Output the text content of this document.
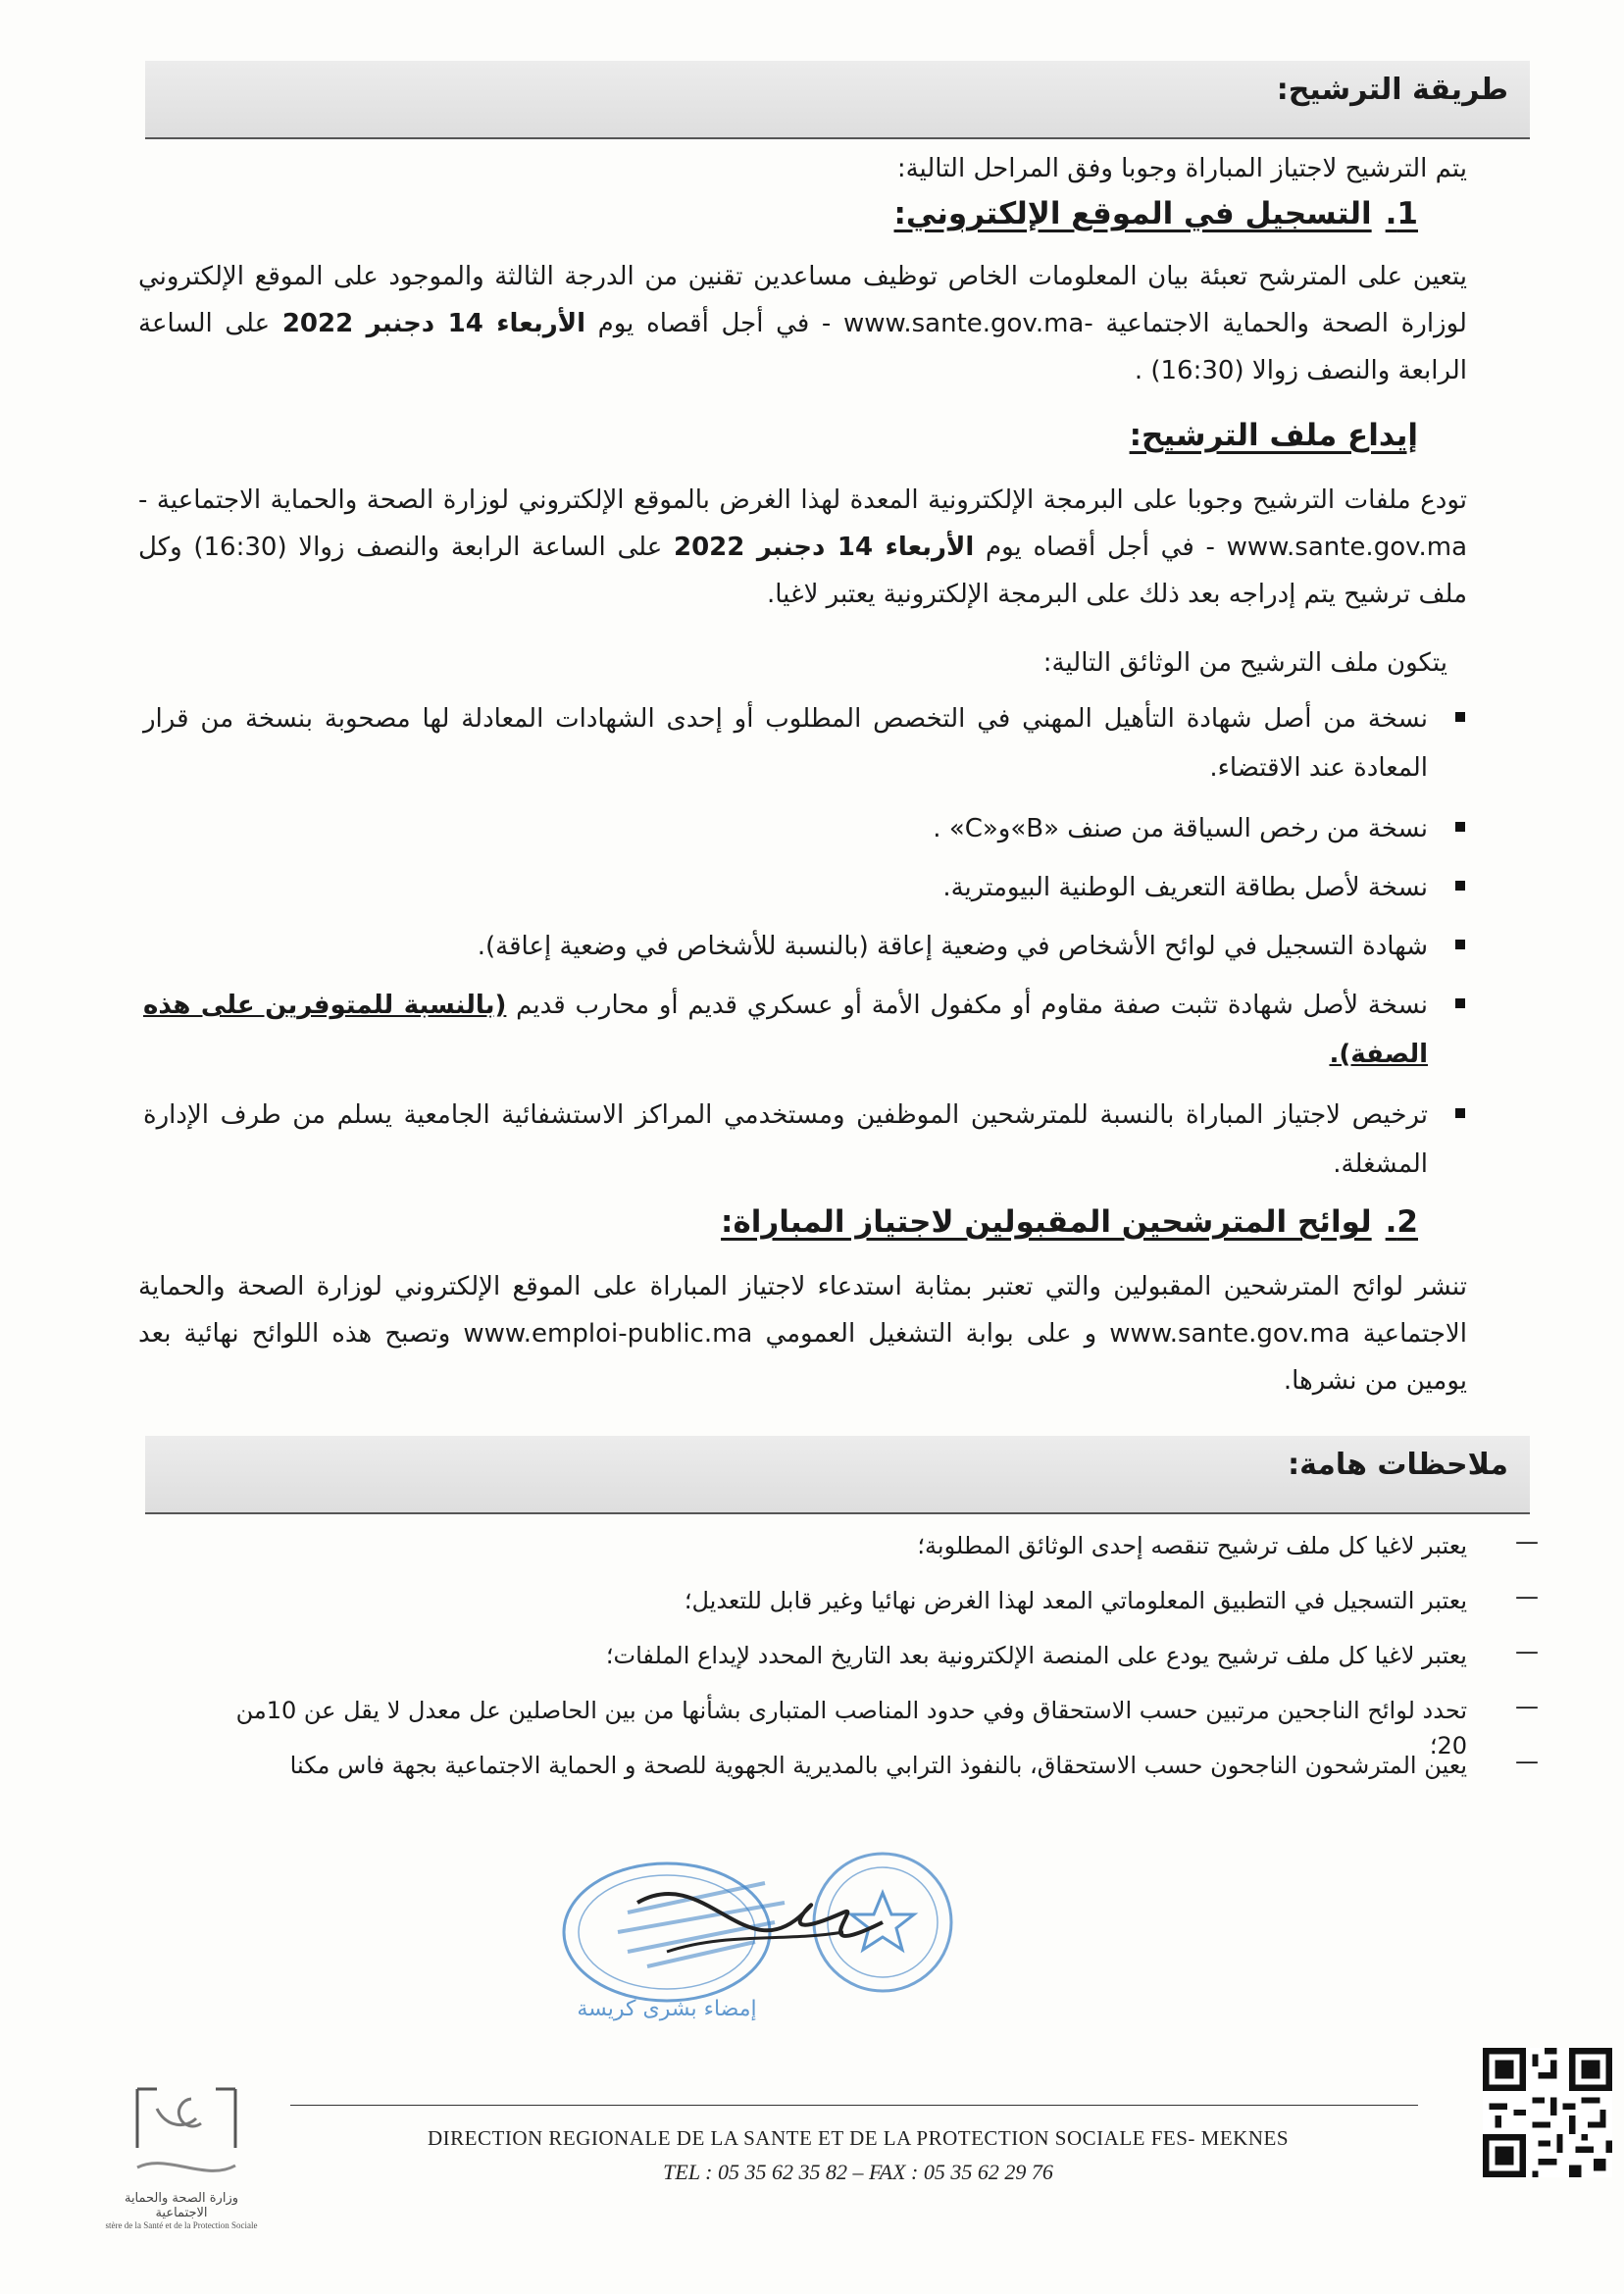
طريقة الترشيح:
يتم الترشيح لاجتياز المباراة وجوبا وفق المراحل التالية:
1.التسجيل في الموقع الإلكتروني:
يتعين على المترشح تعبئة بيان المعلومات الخاص توظيف مساعدين تقنين من الدرجة الثالثة والموجود على الموقع الإلكتروني لوزارة الصحة والحماية الاجتماعية -www.sante.gov.ma - في أجل أقصاه يوم الأربعاء 14 دجنبر 2022 على الساعة الرابعة والنصف زوالا (16:30) .
إيداع ملف الترشيح:
تودع ملفات الترشيح وجوبا على البرمجة الإلكترونية المعدة لهذا الغرض بالموقع الإلكتروني لوزارة الصحة والحماية الاجتماعية - www.sante.gov.ma - في أجل أقصاه يوم الأربعاء 14 دجنبر 2022 على الساعة الرابعة والنصف زوالا (16:30) وكل ملف ترشيح يتم إدراجه بعد ذلك على البرمجة الإلكترونية يعتبر لاغيا.
يتكون ملف الترشيح من الوثائق التالية:
نسخة من أصل شهادة التأهيل المهني في التخصص المطلوب أو إحدى الشهادات المعادلة لها مصحوبة بنسخة من قرار المعادة عند الاقتضاء.
نسخة من رخص السياقة من صنف «B»و«C» .
نسخة لأصل بطاقة التعريف الوطنية البيومترية.
شهادة التسجيل في لوائح الأشخاص في وضعية إعاقة (بالنسبة للأشخاص في وضعية إعاقة).
نسخة لأصل شهادة تثبت صفة مقاوم أو مكفول الأمة أو عسكري قديم أو محارب قديم (بالنسبة للمتوفرين على هذه الصفة).
ترخيص لاجتياز المباراة بالنسبة للمترشحين الموظفين ومستخدمي المراكز الاستشفائية الجامعية يسلم من طرف الإدارة المشغلة.
2.لوائح المترشحين المقبولين لاجتياز المباراة:
تنشر لوائح المترشحين المقبولين والتي تعتبر بمثابة استدعاء لاجتياز المباراة على الموقع الإلكتروني لوزارة الصحة والحماية الاجتماعية www.sante.gov.ma و على بوابة التشغيل العمومي www.emploi-public.ma وتصبح هذه اللوائح نهائية بعد يومين من نشرها.
ملاحظات هامة:
يعتبر لاغيا كل ملف ترشيح تنقصه إحدى الوثائق المطلوبة؛
يعتبر التسجيل في التطبيق المعلوماتي المعد لهذا الغرض نهائيا وغير قابل للتعديل؛
يعتبر لاغيا كل ملف ترشيح يودع على المنصة الإلكترونية بعد التاريخ المحدد لإيداع الملفات؛
تحدد لوائح الناجحين مرتبين حسب الاستحقاق وفي حدود المناصب المتبارى بشأنها من بين الحاصلين عل معدل لا يقل عن 10من 20؛
يعين المترشحون الناجحون حسب الاستحقاق، بالنفوذ الترابي بالمديرية الجهوية للصحة و الحماية الاجتماعية بجهة فاس مكنا
—
—
—
—
—
إمضاء بشرى كريسة
DIRECTION REGIONALE DE LA SANTE ET DE LA PROTECTION SOCIALE FES- MEKNES
TEL : 05 35 62 35 82 – FAX : 05 35 62 29 76
وزارة الصحة والحماية الاجتماعية
stère de la Santé et de la Protection Sociale
